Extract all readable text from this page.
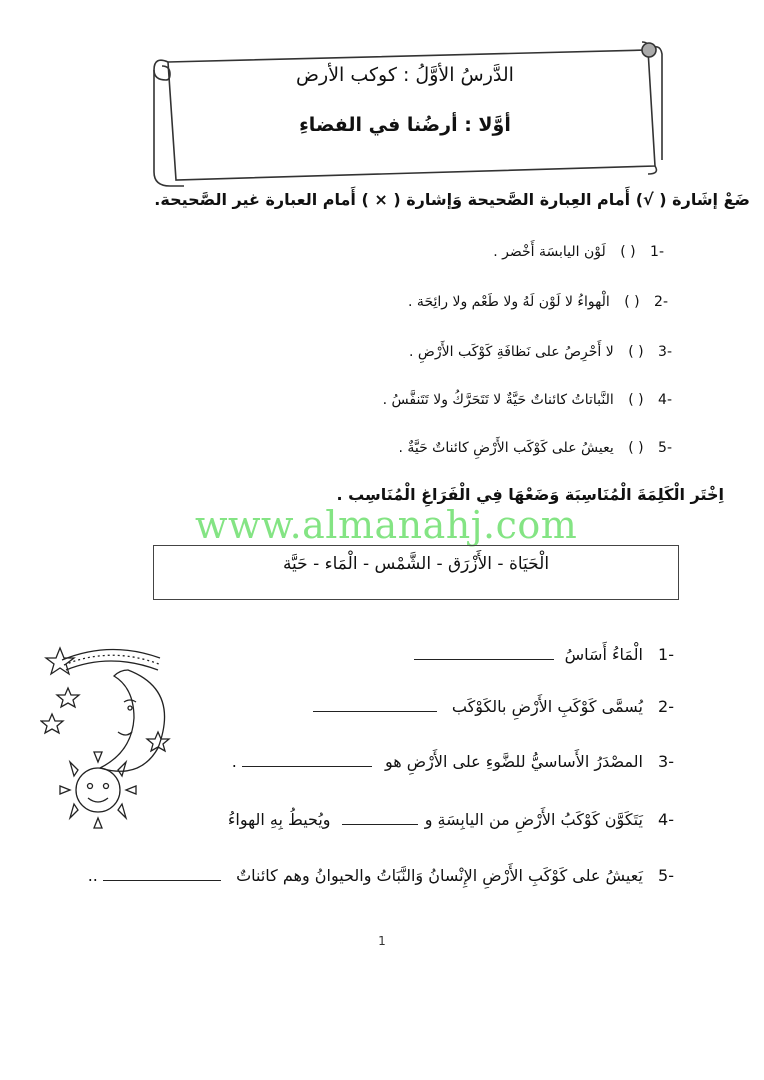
الدَّرسُ الأوَّلُ : كوكب الأرض
أوَّلا : أرضُنا في الفضاءِ
ضَعْ إشَارة ( √) أَمام العِبارة الصَّحيحة وَإشارة ( × ) أَمام العبارة غير الصَّحيحة.
-1 ( ) لَوْن اليابسَة أَخْضر .
-2 ( ) الْهواءُ لا لَوْن لَهُ ولا طَعْم ولا رائِحَة .
-3 ( ) لا أَحْرِصُ على نَظافَةِ كَوْكَب الأَرْضِ .
-4 ( ) النَّباتاتُ كائناتٌ حَيَّةٌ لا تَتَحَرَّكُ ولا تَتَنفَّسُ .
-5 ( ) يعيشُ على كَوْكَب الأَرْضِ كائناتٌ حَيَّةٌ .
اِخْتَر الْكَلِمَةَ الْمُنَاسِبَة وَضَعْهَا فِي الْفَرَاغِ الْمُنَاسِب .
www.almanahj.com
الْحَيَاة - الأَزْرَق - الشَّمْس - الْمَاء - حَيَّة
-1 الْمَاءُ أَسَاسُ
-2 يُسمَّى كَوْكَبِ الأَرْضِ بالكَوْكَب
-3 المصْدَرُ الأَساسيُّ للضَّوءِ على الأَرْضِ هو  .
-4 يَتَكَوَّن كَوْكَبُ الأَرْضِ من اليابِسَةِ و  ويُحيطُ بِهِ الهواءُ
-5 يَعيشُ على كَوْكَبِ الأَرْضِ الإِنْسانُ وَالنَّبَاتُ والحيوانُ وهم كائناتٌ  ..
1
